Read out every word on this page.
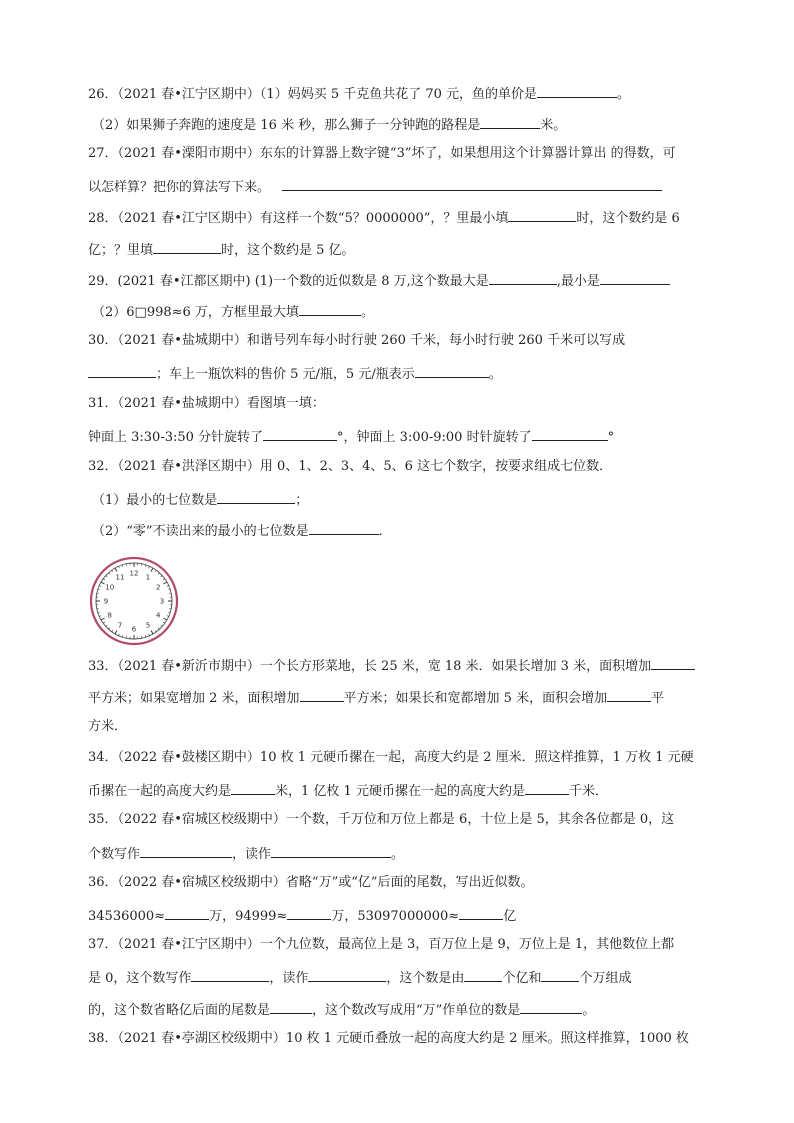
26．（2021 春•江宁区期中）（1）妈妈买 5 千克鱼共花了 70 元，鱼的单价是	。
（2）如果狮子奔跑的速度是 16 米 秒，那么狮子一分钟跑的路程是	米。
27．（2021 春•溧阳市期中）东东的计算器上数字键“3”坏了，如果想用这个计算器计算出 的得数，可
以怎样算？把你的算法写下来。
28．（2021 春•江宁区期中）有这样一个数“5？0000000”，？里最小填	时，这个数约是 6
亿；？里填	时，这个数约是 5 亿。
29．(2021 春•江都区期中) (1)一个数的近似数是 8 万,这个数最大是	,最小是
（2）6□998≈6 万，方框里最大填	。
30．（2021 春•盐城期中）和谐号列车每小时行驶 260 千米，每小时行驶 260 千米可以写成
；车上一瓶饮料的售价 5 元/瓶，5 元/瓶表示	。
31．（2021 春•盐城期中）看图填一填：
钟面上 3:30-3:50 分针旋转了	°，钟面上 3:00-9:00 时针旋转了	°
32．（2021 春•洪泽区期中）用 0、1、2、3、4、5、6 这七个数字，按要求组成七位数．
（1）最小的七位数是	；
（2）“零”不读出来的最小的七位数是	．
12 1
2
3
4
5
6
7
8
9
10
11
33．（2021 春•新沂市期中）一个长方形菜地，长 25 米，宽 18 米．如果长增加 3 米，面积增加
平方米；如果宽增加 2 米，面积增加	平方米；如果长和宽都增加 5 米，面积会增加	平
方米．
34．（2022 春•鼓楼区期中）10 枚 1 元硬币摞在一起，高度大约是 2 厘米．照这样推算，1 万枚 1 元硬
币摞在一起的高度大约是	米，1 亿枚 1 元硬币摞在一起的高度大约是	千米．
35．（2022 春•宿城区校级期中）一个数，千万位和万位上都是 6，十位上是 5，其余各位都是 0，这
个数写作	，读作	。
36．（2022 春•宿城区校级期中）省略“万”或“亿”后面的尾数，写出近似数。
34536000≈	万，94999≈	万，53097000000≈	亿
37．（2021 春•江宁区期中）一个九位数，最高位上是 3，百万位上是 9，万位上是 1，其他数位上都
是 0，这个数写作	，读作	，这个数是由	个亿和	个万组成
的，这个数省略亿后面的尾数是	，这个数改写成用“万”作单位的数是	。
38．（2021 春•亭湖区校级期中）10 枚 1 元硬币叠放一起的高度大约是 2 厘米。照这样推算，1000 枚
